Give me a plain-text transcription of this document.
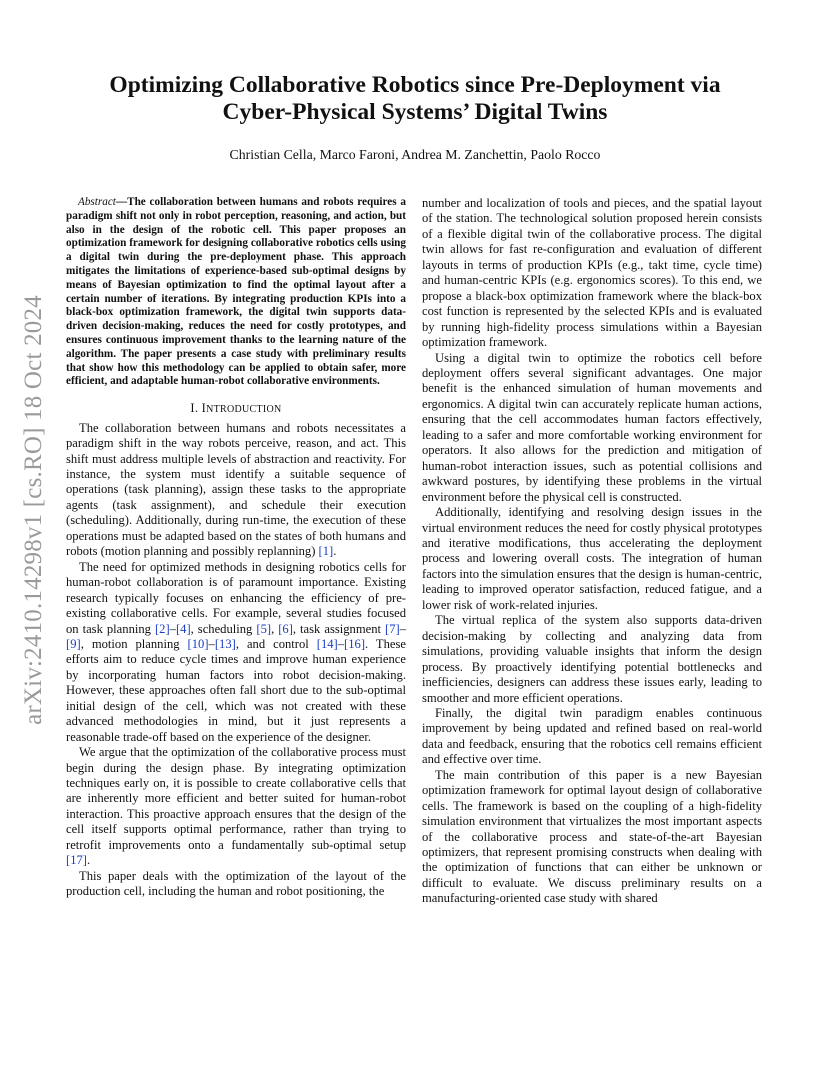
arXiv:2410.14298v1 [cs.RO] 18 Oct 2024
Optimizing Collaborative Robotics since Pre-Deployment via
Cyber-Physical Systems’ Digital Twins
Christian Cella, Marco Faroni, Andrea M. Zanchettin, Paolo Rocco
Abstract—The collaboration between humans and robots requires a paradigm shift not only in robot perception, reasoning, and action, but also in the design of the robotic cell. This paper proposes an optimization framework for designing collaborative robotics cells using a digital twin during the pre-deployment phase. This approach mitigates the limitations of experience-based sub-optimal designs by means of Bayesian optimization to find the optimal layout after a certain number of iterations. By integrating production KPIs into a black-box optimization framework, the digital twin supports data-driven decision-making, reduces the need for costly prototypes, and ensures continuous improvement thanks to the learning nature of the algorithm. The paper presents a case study with preliminary results that show how this methodology can be applied to obtain safer, more efficient, and adaptable human-robot collaborative environments.
I. INTRODUCTION

The collaboration between humans and robots necessitates a paradigm shift in the way robots perceive, reason, and act. This shift must address multiple levels of abstraction and reactivity. For instance, the system must identify a suitable sequence of operations (task planning), assign these tasks to the appropriate agents (task assignment), and schedule their execution (scheduling). Additionally, during run-time, the execution of these operations must be adapted based on the states of both humans and robots (motion planning and possibly replanning) [1].

The need for optimized methods in designing robotics cells for human-robot collaboration is of paramount importance. Existing research typically focuses on enhancing the efficiency of pre-existing collaborative cells. For example, several studies focused on task planning [2]–[4], scheduling [5], [6], task assignment [7]–[9], motion planning [10]–[13], and control [14]–[16]. These efforts aim to reduce cycle times and improve human experience by incorporating human factors into robot decision-making. However, these approaches often fall short due to the sub-optimal initial design of the cell, which was not created with these advanced methodologies in mind, but it just represents a reasonable trade-off based on the experience of the designer.

We argue that the optimization of the collaborative process must begin during the design phase. By integrating optimization techniques early on, it is possible to create collaborative cells that are inherently more efficient and better suited for human-robot interaction. This proactive approach ensures that the design of the cell itself supports optimal performance, rather than trying to retrofit improvements onto a fundamentally sub-optimal setup [17].

This paper deals with the optimization of the layout of the production cell, including the human and robot positioning, the

number and localization of tools and pieces, and the spatial layout of the station. The technological solution proposed herein consists of a flexible digital twin of the collaborative process. The digital twin allows for fast re-configuration and evaluation of different layouts in terms of production KPIs (e.g., takt time, cycle time) and human-centric KPIs (e.g. ergonomics scores). To this end, we propose a black-box optimization framework where the black-box cost function is represented by the selected KPIs and is evaluated by running high-fidelity process simulations within a Bayesian optimization framework.

Using a digital twin to optimize the robotics cell before deployment offers several significant advantages. One major benefit is the enhanced simulation of human movements and ergonomics. A digital twin can accurately replicate human actions, ensuring that the cell accommodates human factors effectively, leading to a safer and more comfortable working environment for operators. It also allows for the prediction and mitigation of human-robot interaction issues, such as potential collisions and awkward postures, by identifying these problems in the virtual environment before the physical cell is constructed.

Additionally, identifying and resolving design issues in the virtual environment reduces the need for costly physical prototypes and iterative modifications, thus accelerating the deployment process and lowering overall costs. The integration of human factors into the simulation ensures that the design is human-centric, leading to improved operator satisfaction, reduced fatigue, and a lower risk of work-related injuries.

The virtual replica of the system also supports data-driven decision-making by collecting and analyzing data from simulations, providing valuable insights that inform the design process. By proactively identifying potential bottlenecks and inefficiencies, designers can address these issues early, leading to smoother and more efficient operations.

Finally, the digital twin paradigm enables continuous improvement by being updated and refined based on real-world data and feedback, ensuring that the robotics cell remains efficient and effective over time.

The main contribution of this paper is a new Bayesian optimization framework for optimal layout design of collaborative cells. The framework is based on the coupling of a high-fidelity simulation environment that virtualizes the most important aspects of the collaborative process and state-of-the-art Bayesian optimizers, that represent promising constructs when dealing with the optimization of functions that can either be unknown or difficult to evaluate. We discuss preliminary results on a manufacturing-oriented case study with shared
